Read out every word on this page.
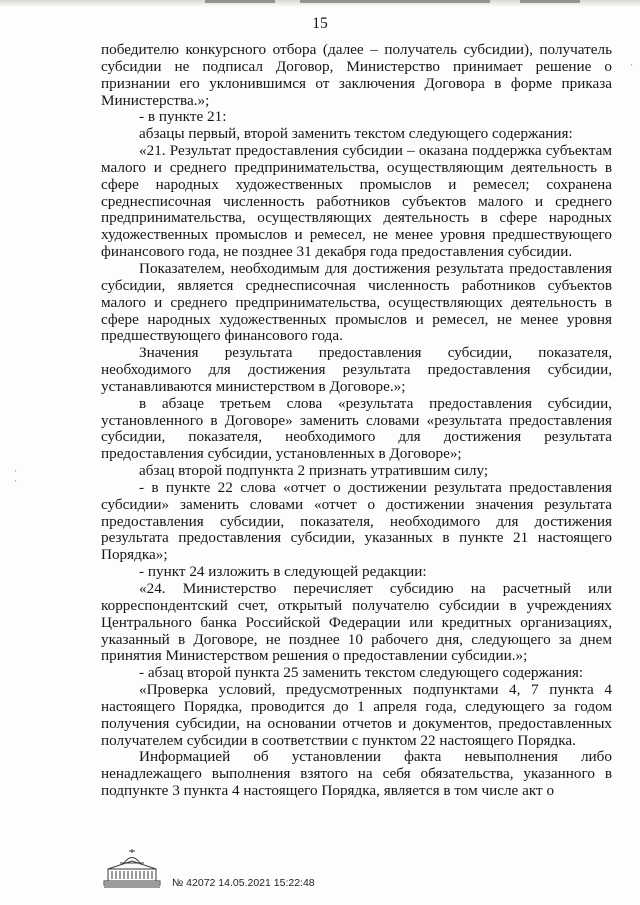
15

победителю конкурсного отбора (далее – получатель субсидии), получатель субсидии не подписал Договор, Министерство принимает решение о признании его уклонившимся от заключения Договора в форме приказа Министерства.»;

- в пункте 21:

абзацы первый, второй заменить текстом следующего содержания:

«21. Результат предоставления субсидии – оказана поддержка субъектам малого и среднего предпринимательства, осуществляющим деятельность в сфере народных художественных промыслов и ремесел; сохранена среднесписочная численность работников субъектов малого и среднего предпринимательства, осуществляющих деятельность в сфере народных художественных промыслов и ремесел, не менее уровня предшествующего финансового года, не позднее 31 декабря года предоставления субсидии.

Показателем, необходимым для достижения результата предоставления субсидии, является среднесписочная численность работников субъектов малого и среднего предпринимательства, осуществляющих деятельность в сфере народных художественных промыслов и ремесел, не менее уровня предшествующего финансового года.

Значения результата предоставления субсидии, показателя, необходимого для достижения результата предоставления субсидии, устанавливаются министерством в Договоре.»;

в абзаце третьем слова «результата предоставления субсидии, установленного в Договоре» заменить словами «результата предоставления субсидии, показателя, необходимого для достижения результата предоставления субсидии, установленных в Договоре»;

абзац второй подпункта 2 признать утратившим силу;

- в пункте 22 слова «отчет о достижении результата предоставления субсидии» заменить словами «отчет о достижении значения результата предоставления субсидии, показателя, необходимого для достижения результата предоставления субсидии, указанных в пункте 21 настоящего Порядка»;

- пункт 24 изложить в следующей редакции:

«24. Министерство перечисляет субсидию на расчетный или корреспондентский счет, открытый получателю субсидии в учреждениях Центрального банка Российской Федерации или кредитных организациях, указанный в Договоре, не позднее 10 рабочего дня, следующего за днем принятия Министерством решения о предоставлении субсидии.»;

- абзац второй пункта 25 заменить текстом следующего содержания:

«Проверка условий, предусмотренных подпунктами 4, 7 пункта 4 настоящего Порядка, проводится до 1 апреля года, следующего за годом получения субсидии, на основании отчетов и документов, предоставленных получателем субсидии в соответствии с пунктом 22 настоящего Порядка.

Информацией об установлении факта невыполнения либо ненадлежащего выполнения взятого на себя обязательства, указанного в подпункте 3 пункта 4 настоящего Порядка, является в том числе акт о

·
·
·
№ 42072 14.05.2021 15:22:48
